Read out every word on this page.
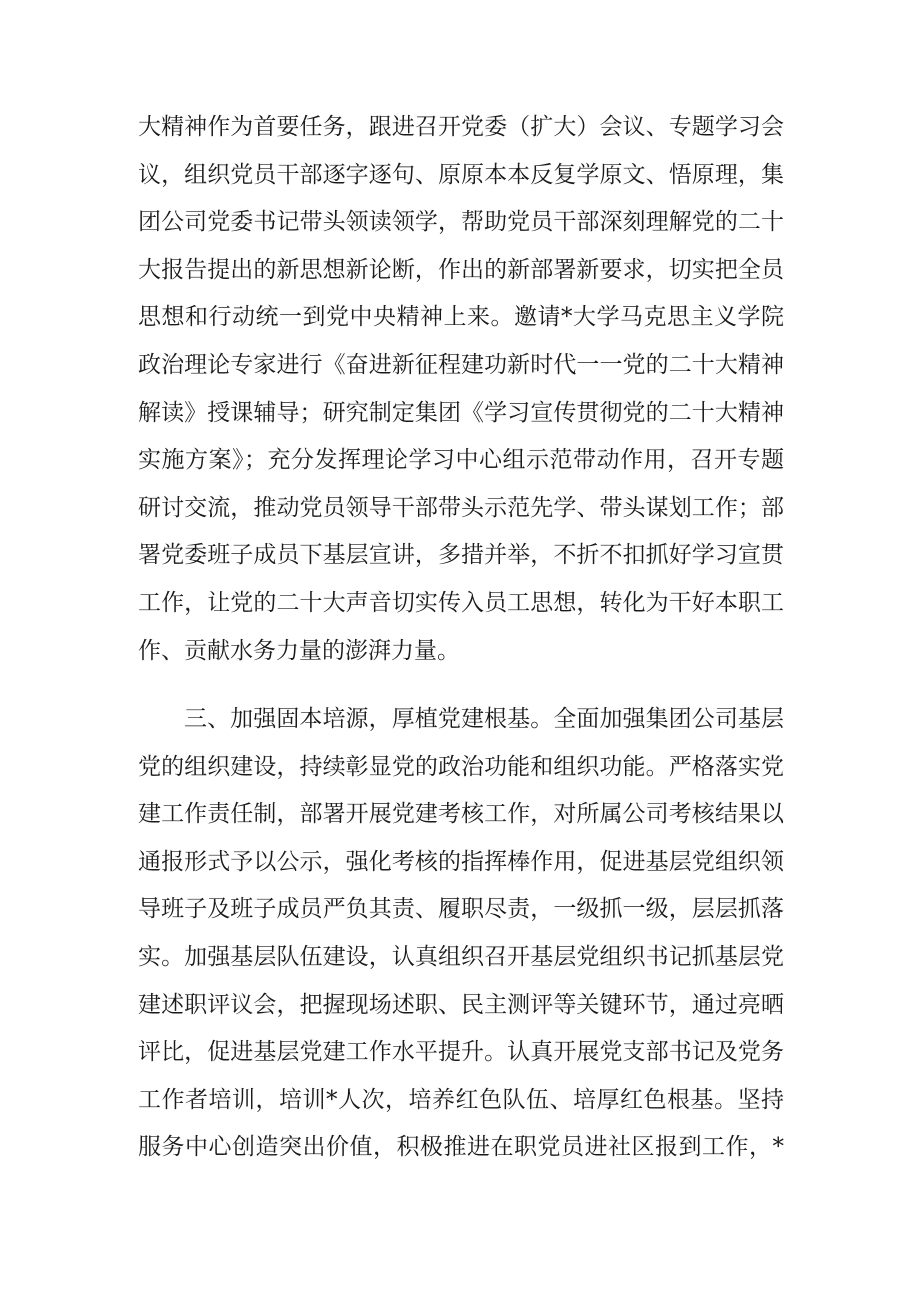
大精神作为首要任务，跟进召开党委（扩大）会议、专题学习会
议，组织党员干部逐字逐句、原原本本反复学原文、悟原理，集
团公司党委书记带头领读领学，帮助党员干部深刻理解党的二十
大报告提出的新思想新论断，作出的新部署新要求，切实把全员
思想和行动统一到党中央精神上来。邀请*大学马克思主义学院
政治理论专家进行《奋进新征程建功新时代一一党的二十大精神
解读》授课辅导；研究制定集团《学习宣传贯彻党的二十大精神
实施方案》；充分发挥理论学习中心组示范带动作用，召开专题
研讨交流，推动党员领导干部带头示范先学、带头谋划工作；部
署党委班子成员下基层宣讲，多措并举，不折不扣抓好学习宣贯
工作，让党的二十大声音切实传入员工思想，转化为干好本职工
作、贡献水务力量的澎湃力量。
三、加强固本培源，厚植党建根基。全面加强集团公司基层
党的组织建设，持续彰显党的政治功能和组织功能。严格落实党
建工作责任制，部署开展党建考核工作，对所属公司考核结果以
通报形式予以公示，强化考核的指挥棒作用，促进基层党组织领
导班子及班子成员严负其责、履职尽责，一级抓一级，层层抓落
实。加强基层队伍建设，认真组织召开基层党组织书记抓基层党
建述职评议会，把握现场述职、民主测评等关键环节，通过亮晒
评比，促进基层党建工作水平提升。认真开展党支部书记及党务
工作者培训，培训*人次，培养红色队伍、培厚红色根基。坚持
服务中心创造突出价值，积极推进在职党员进社区报到工作，*
